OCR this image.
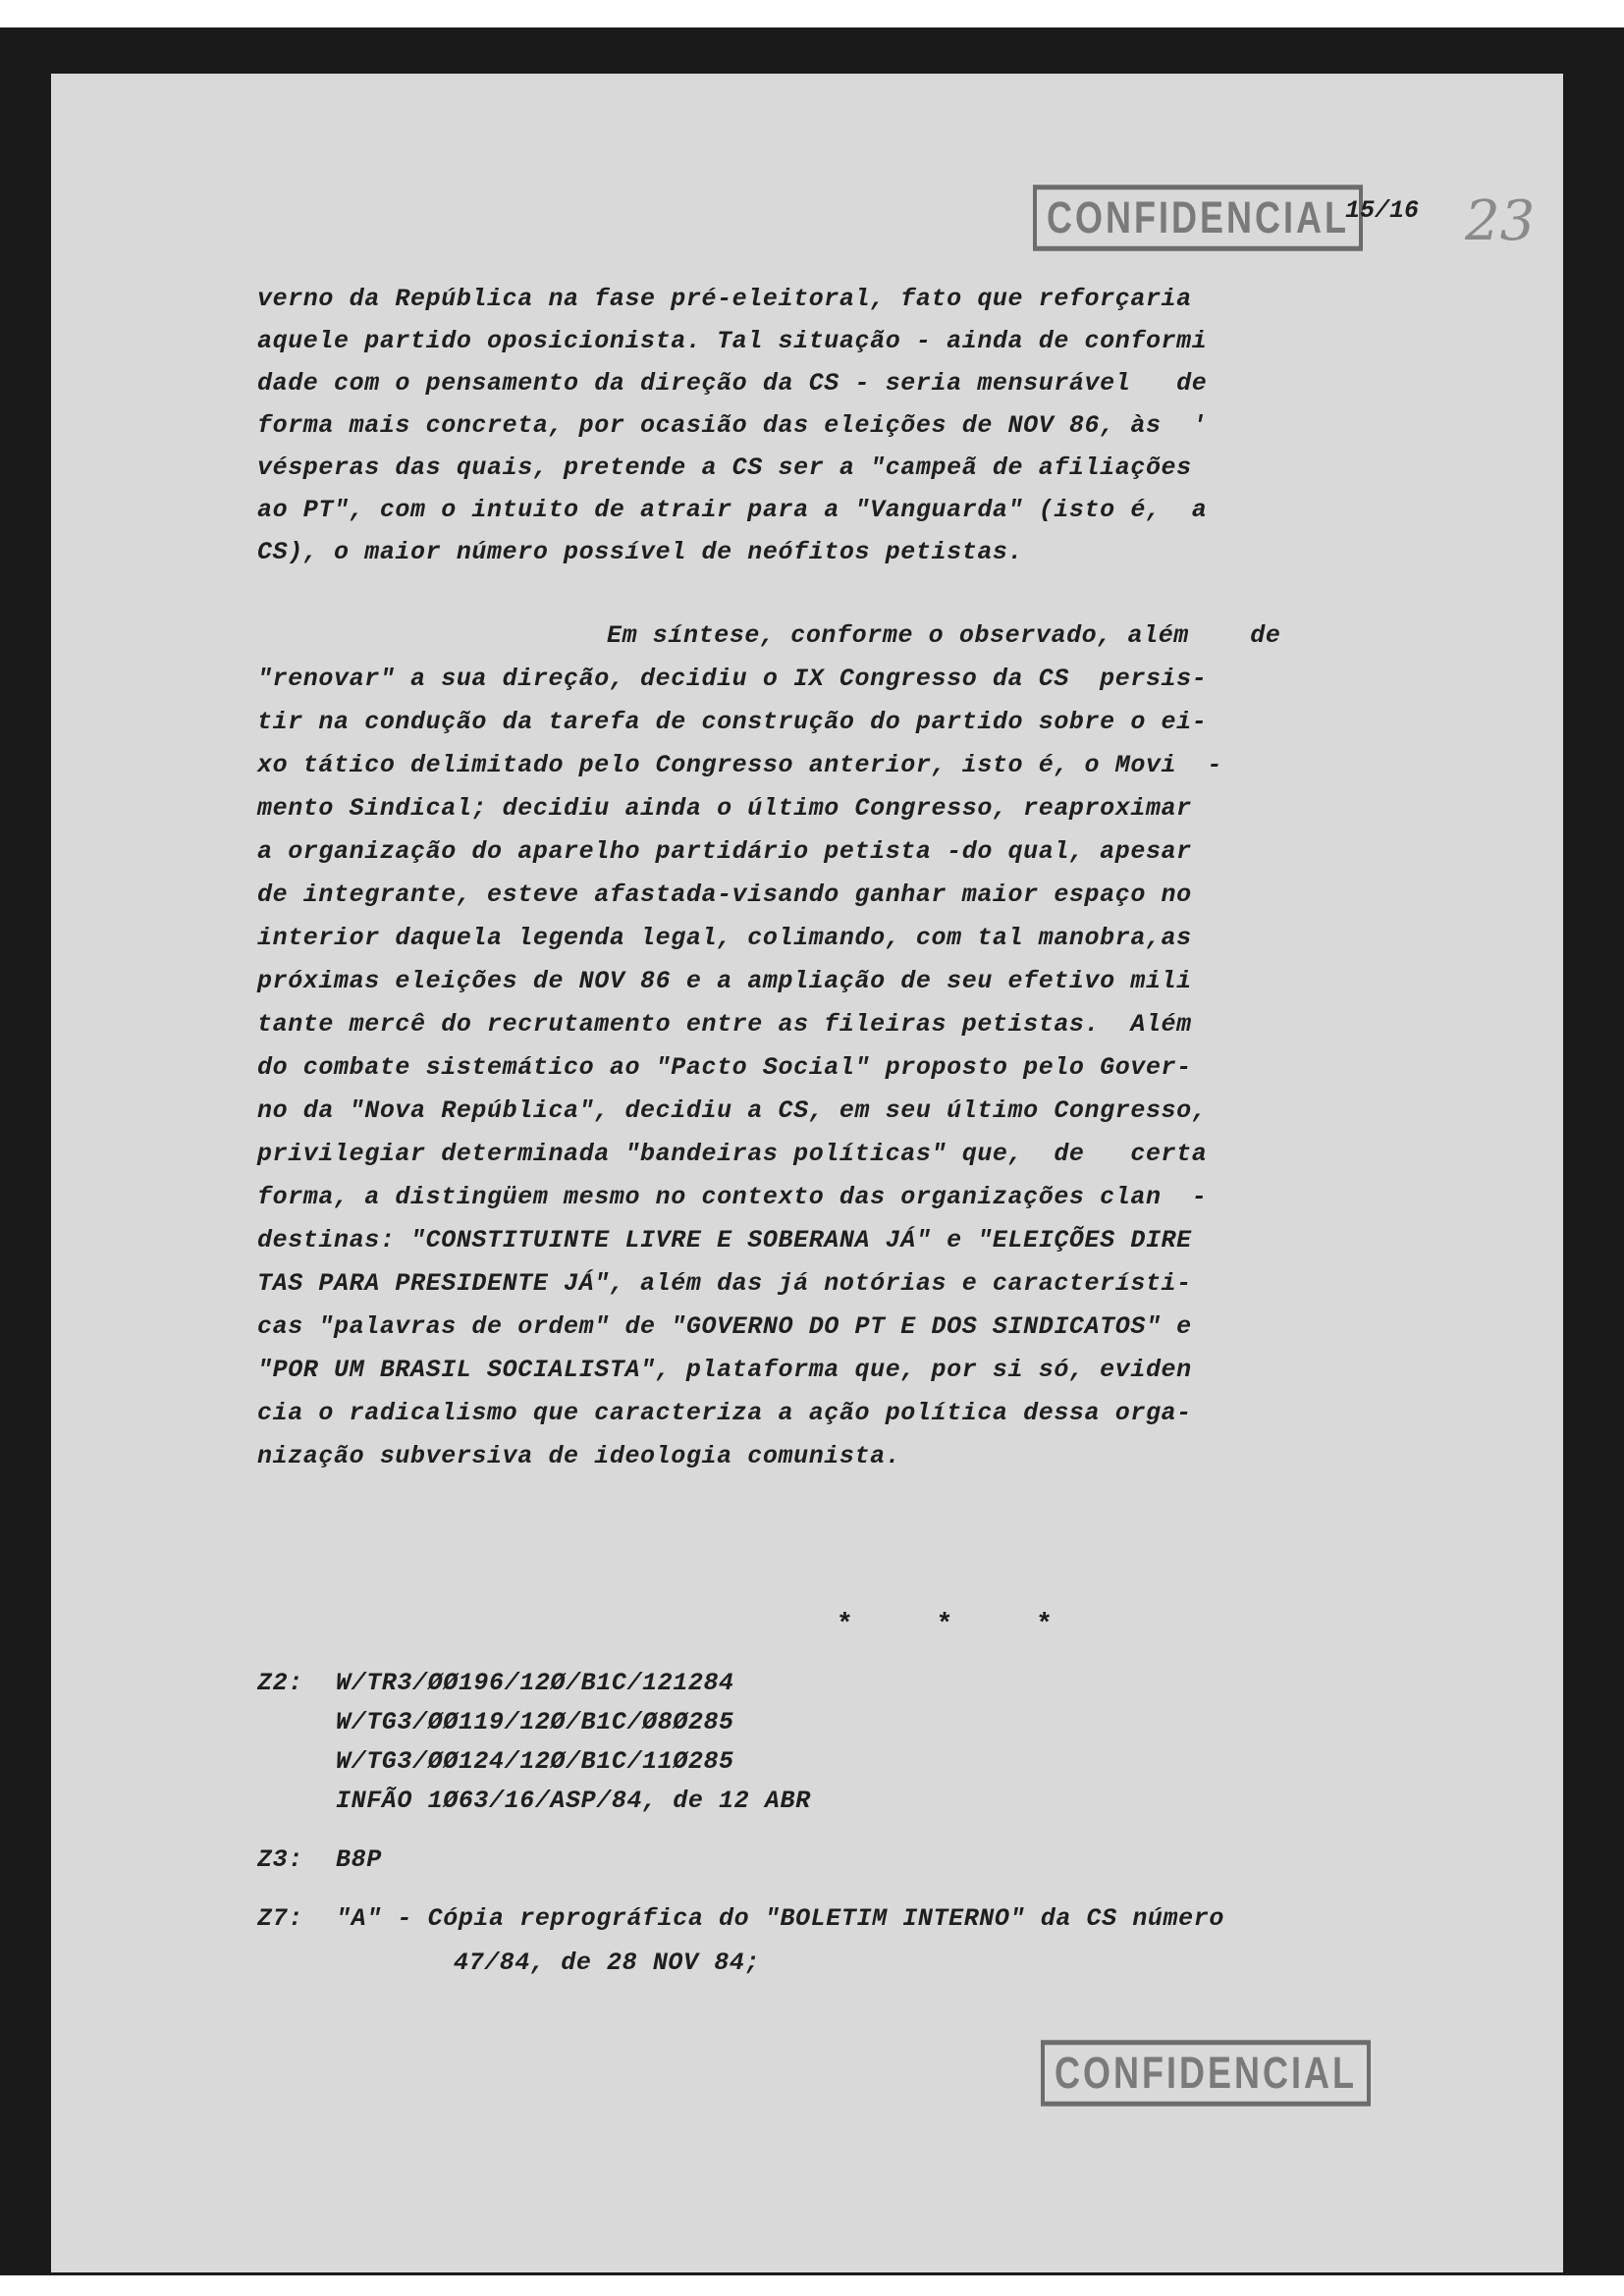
CONFIDENCIAL
15/16 23
verno da República na fase pré-eleitoral, fato que reforçaria
aquele partido oposicionista. Tal situação - ainda de conformi
dade com o pensamento da direção da CS - seria mensurável   de
forma mais concreta, por ocasião das eleições de NOV 86, às  '
vésperas das quais, pretende a CS ser a "campeã de afiliações
ao PT", com o intuito de atrair para a "Vanguarda" (isto é,  a
CS), o maior número possível de neófitos petistas.
Em síntese, conforme o observado, além    de
"renovar" a sua direção, decidiu o IX Congresso da CS  persis-
tir na condução da tarefa de construção do partido sobre o ei-
xo tático delimitado pelo Congresso anterior, isto é, o Movi  -
mento Sindical; decidiu ainda o último Congresso, reaproximar
a organização do aparelho partidário petista -do qual, apesar
de integrante, esteve afastada-visando ganhar maior espaço no
interior daquela legenda legal, colimando, com tal manobra,as
próximas eleições de NOV 86 e a ampliação de seu efetivo mili
tante mercê do recrutamento entre as fileiras petistas.  Além
do combate sistemático ao "Pacto Social" proposto pelo Gover-
no da "Nova República", decidiu a CS, em seu último Congresso,
privilegiar determinada "bandeiras políticas" que,  de   certa
forma, a distingüem mesmo no contexto das organizações clan  -
destinas: "CONSTITUINTE LIVRE E SOBERANA JÁ" e "ELEIÇÕES DIRE
TAS PARA PRESIDENTE JÁ", além das já notórias e característi-
cas "palavras de ordem" de "GOVERNO DO PT E DOS SINDICATOS" e
"POR UM BRASIL SOCIALISTA", plataforma que, por si só, eviden
cia o radicalismo que caracteriza a ação política dessa orga-
nização subversiva de ideologia comunista.
* * *
Z2: W/TR3/ØØ196/12Ø/B1C/121284
W/TG3/ØØ119/12Ø/B1C/Ø8Ø285
W/TG3/ØØ124/12Ø/B1C/11Ø285
INFÃO 1Ø63/16/ASP/84, de 12 ABR
Z3: B8P
Z7: "A" - Cópia reprográfica do "BOLETIM INTERNO" da CS número
47/84, de 28 NOV 84;
CONFIDENCIAL
